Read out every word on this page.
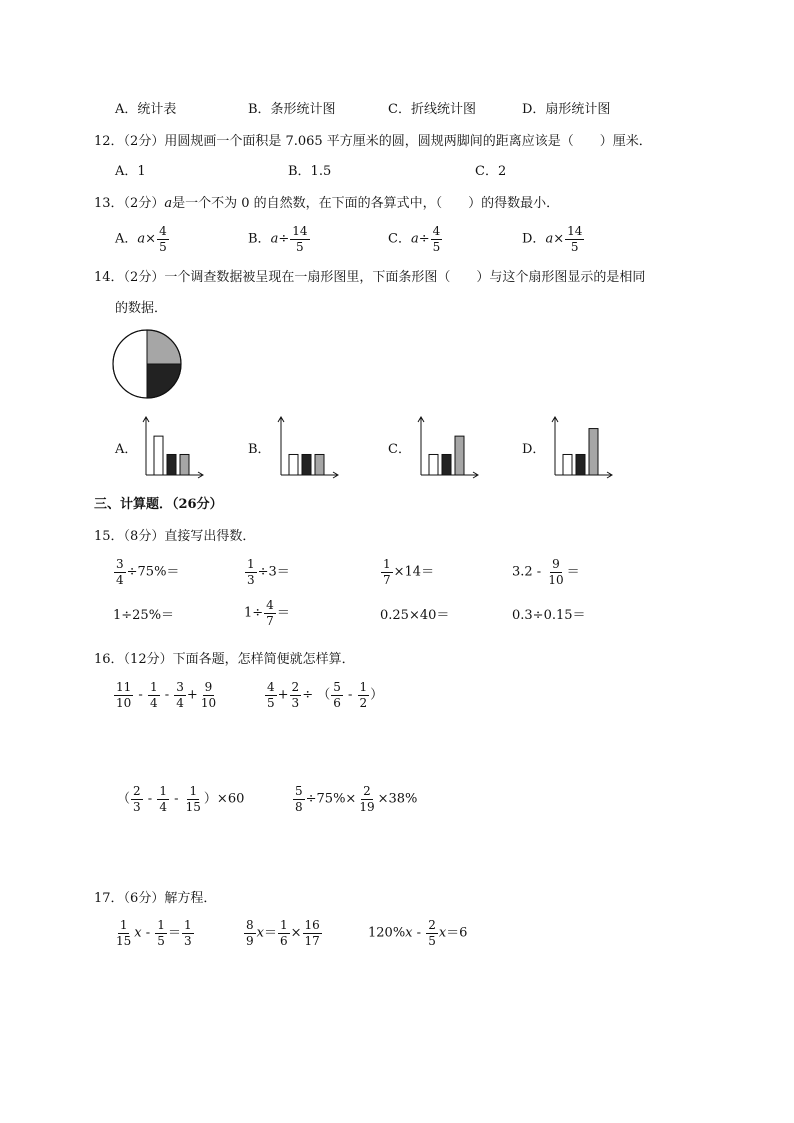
A．统计表	B．条形统计图	C．折线统计图	D．扇形统计图
12．（2分）用圆规画一个面积是 7.065 平方厘米的圆，圆规两脚间的距离应该是（　　）厘米．
A．1	B．1.5	C．2
13．（2分）a是一个不为 0 的自然数，在下面的各算式中，（　　）的得数最小．
A．$a\times \frac{4}{5}$	B．$a\div \frac{14}{5}$	C．$a\div \frac{4}{5}$	D．$a\times \frac{14}{5}$
14．（2分）一个调查数据被呈现在一扇形图里，下面条形图（　　）与这个扇形图显示的是相同
的数据．
A．	B．	C．	D．
三、计算题．（26分）
15．（8分）直接写出得数．
$\frac{3}{4} \div 75\%=$	$\frac{1}{3} \div 3=$	$\frac{1}{7} \times 14=$	$3.2 - \frac{9}{10}$ ＝
1÷25%＝	$1\div \frac{4}{7}$ ＝	0.25×40＝	0.3÷0.15＝
16．（12分）下面各题，怎样简便就怎样算．
$\frac{11}{10} - \frac{1}{4} - \frac{3}{4} + \frac{9}{10}$	$\frac{4}{5} + \frac{2}{3}$ ÷ （ $\frac{5}{6} - \frac{1}{2}$ ）
（ $\frac{2}{3} - \frac{1}{4} - \frac{1}{15} )\times 60$	$\frac{5}{8} \div 75\%\times \frac{2}{19} \times 38\%$
17．（6分）解方程．
$\frac{1}{15}$ $x - \frac{1}{5} = \frac{1}{3}$	$\frac{8}{9} x= \frac{1}{6} \times \frac{16}{17}$	$120\%x - \frac{2}{5} x=6$
